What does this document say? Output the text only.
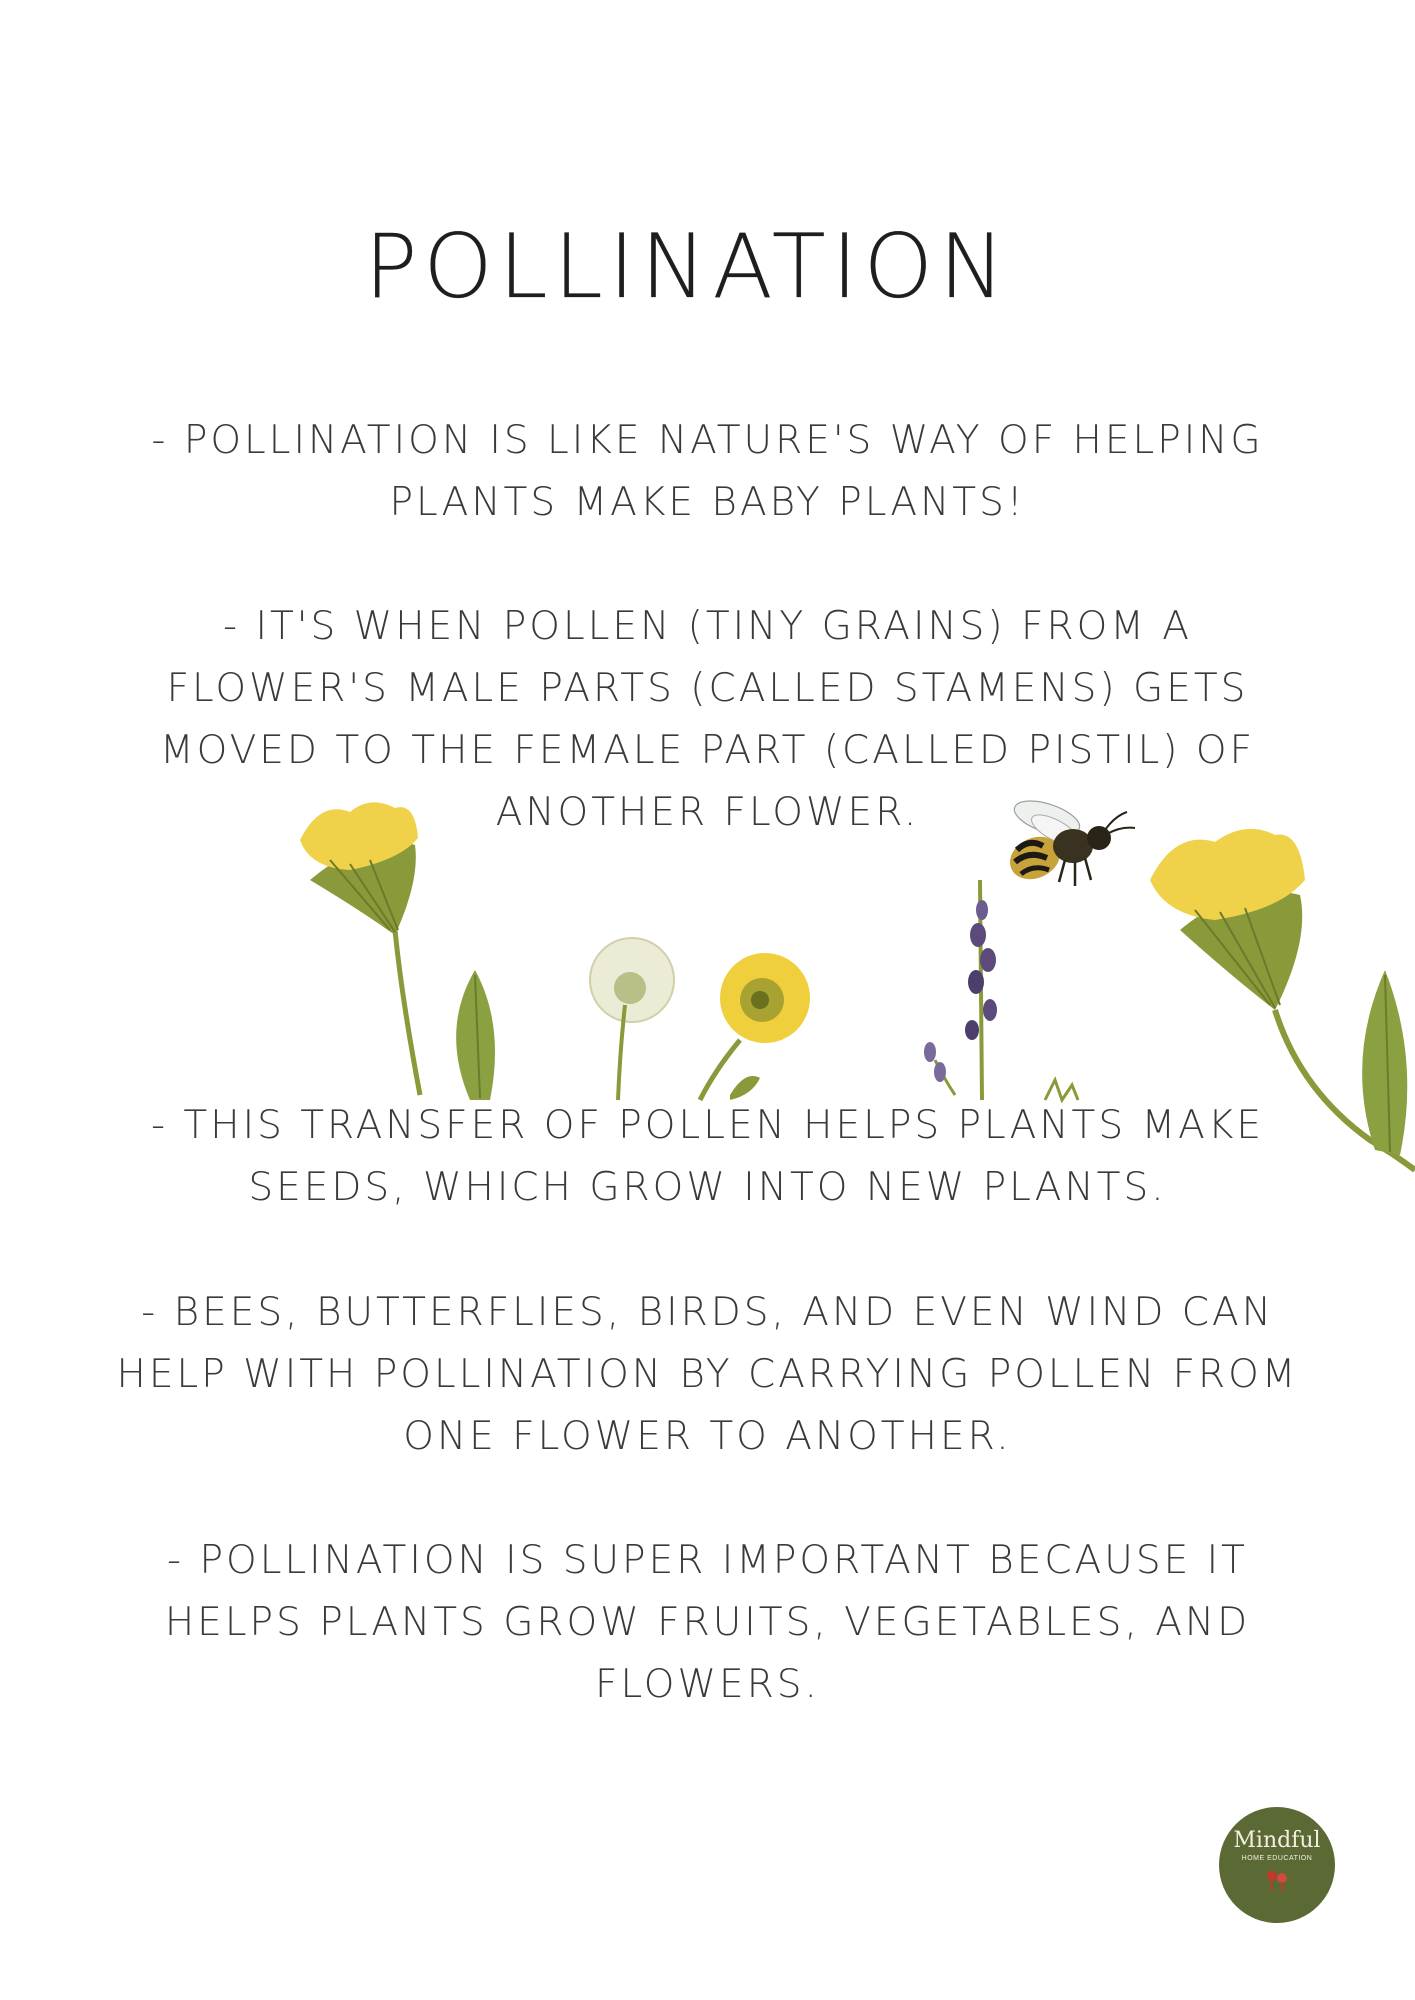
POLLINATION
- POLLINATION IS LIKE NATURE'S WAY OF HELPING PLANTS MAKE BABY PLANTS!
- IT'S WHEN POLLEN (TINY GRAINS) FROM A FLOWER'S MALE PARTS (CALLED STAMENS) GETS MOVED TO THE FEMALE PART (CALLED PISTIL) OF ANOTHER FLOWER.
- THIS TRANSFER OF POLLEN HELPS PLANTS MAKE SEEDS, WHICH GROW INTO NEW PLANTS.
- BEES, BUTTERFLIES, BIRDS, AND EVEN WIND CAN HELP WITH POLLINATION BY CARRYING POLLEN FROM ONE FLOWER TO ANOTHER.
- POLLINATION IS SUPER IMPORTANT BECAUSE IT HELPS PLANTS GROW FRUITS, VEGETABLES, AND FLOWERS.
Mindful
HOME EDUCATION
